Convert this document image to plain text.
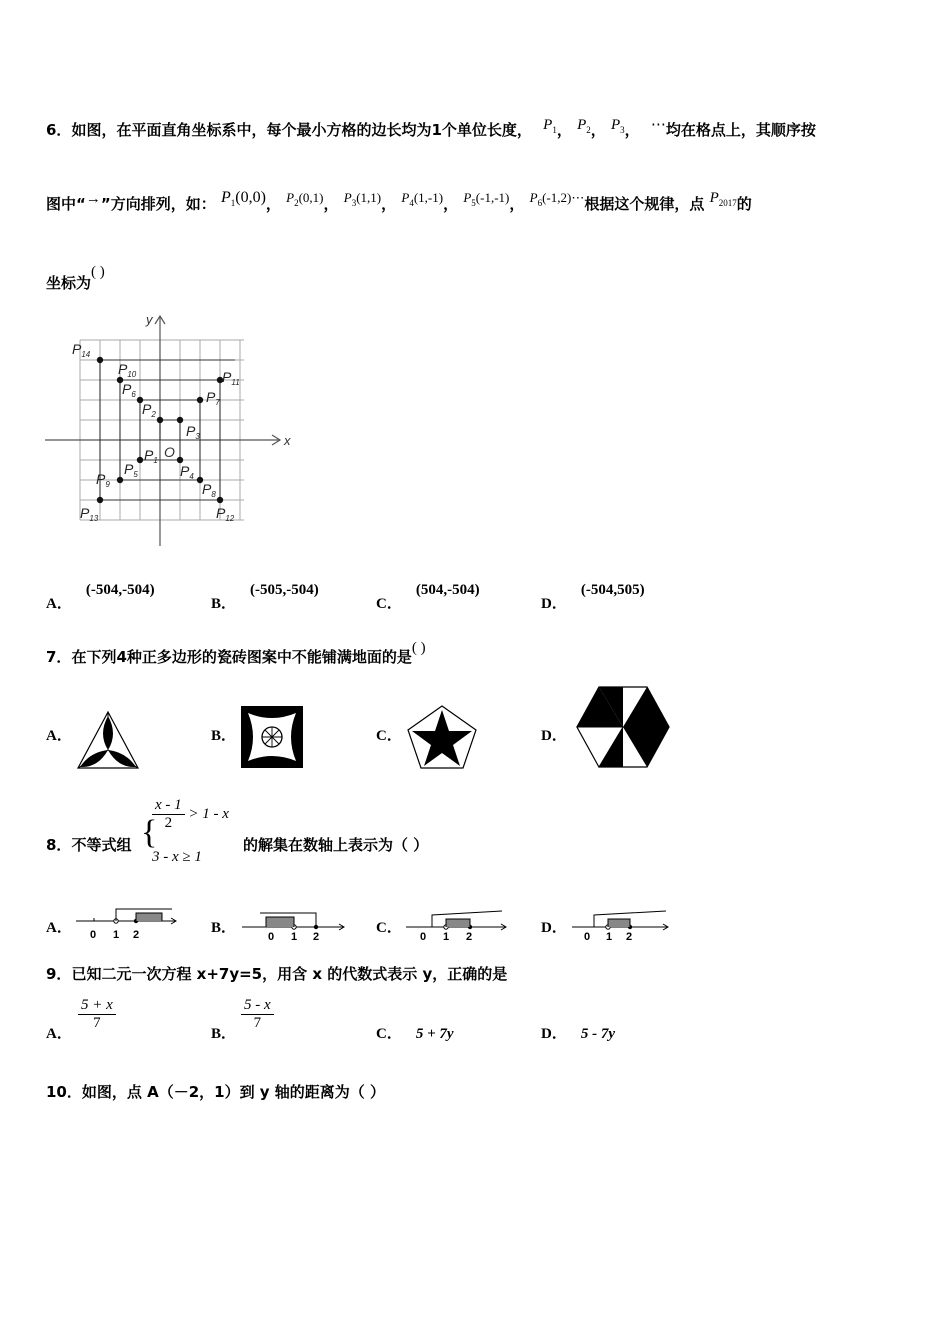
6．如图，在平面直角坐标系中，每个最小方格的边长均为1个单位长度， $P_1$， $P_2$， $P_3$， ⋯均在格点上，其顺序按
图中“→”方向排列，如： $P_1(0,0)$， $P_2(0,1)$， $P_3(1,1)$， $P_4(1,‑1)$， $P_5(‑1,‑1)$， $P_6(‑1,2)\cdots$根据这个规律，点 $P_{2017}$的
坐标为( )
x
y
O
$P_2$
$P_3$
$P_4$
$P_5$
$P_6$	$P_7$
$P_8$
$P_9$
$P_{10}$	$P_{11}$
$P_{12}$
$P_{13}$
$P_{14}$
$P_1$
A．(‑504,‑504)
B．(‑505,‑504)
C．(504,‑504)
D．(‑504,505)
7．在下列4种正多边形的瓷砖图案中不能铺满地面的是( )
A．	B．	C．	D．
8．不等式组 {
$\frac{x ‑ 1}{2} > 1$ ‑ x
3 ‑ x ≥ 1
的解集在数轴上表示为（ ）
A． 0 1 2	B．
0 1 2
C．
0 1 2
D．
0 1 2
9．已知二元一次方程 x+7y=5，用含 x 的代数式表示 y，正确的是
A．
$\frac{5 + x}{7}$
B．
$\frac{5 ‑ x}{7}$
C． 5 + 7y	D． 5 ‑ 7y
10．如图，点 A（－2，1）到 y 轴的距离为（ ）
